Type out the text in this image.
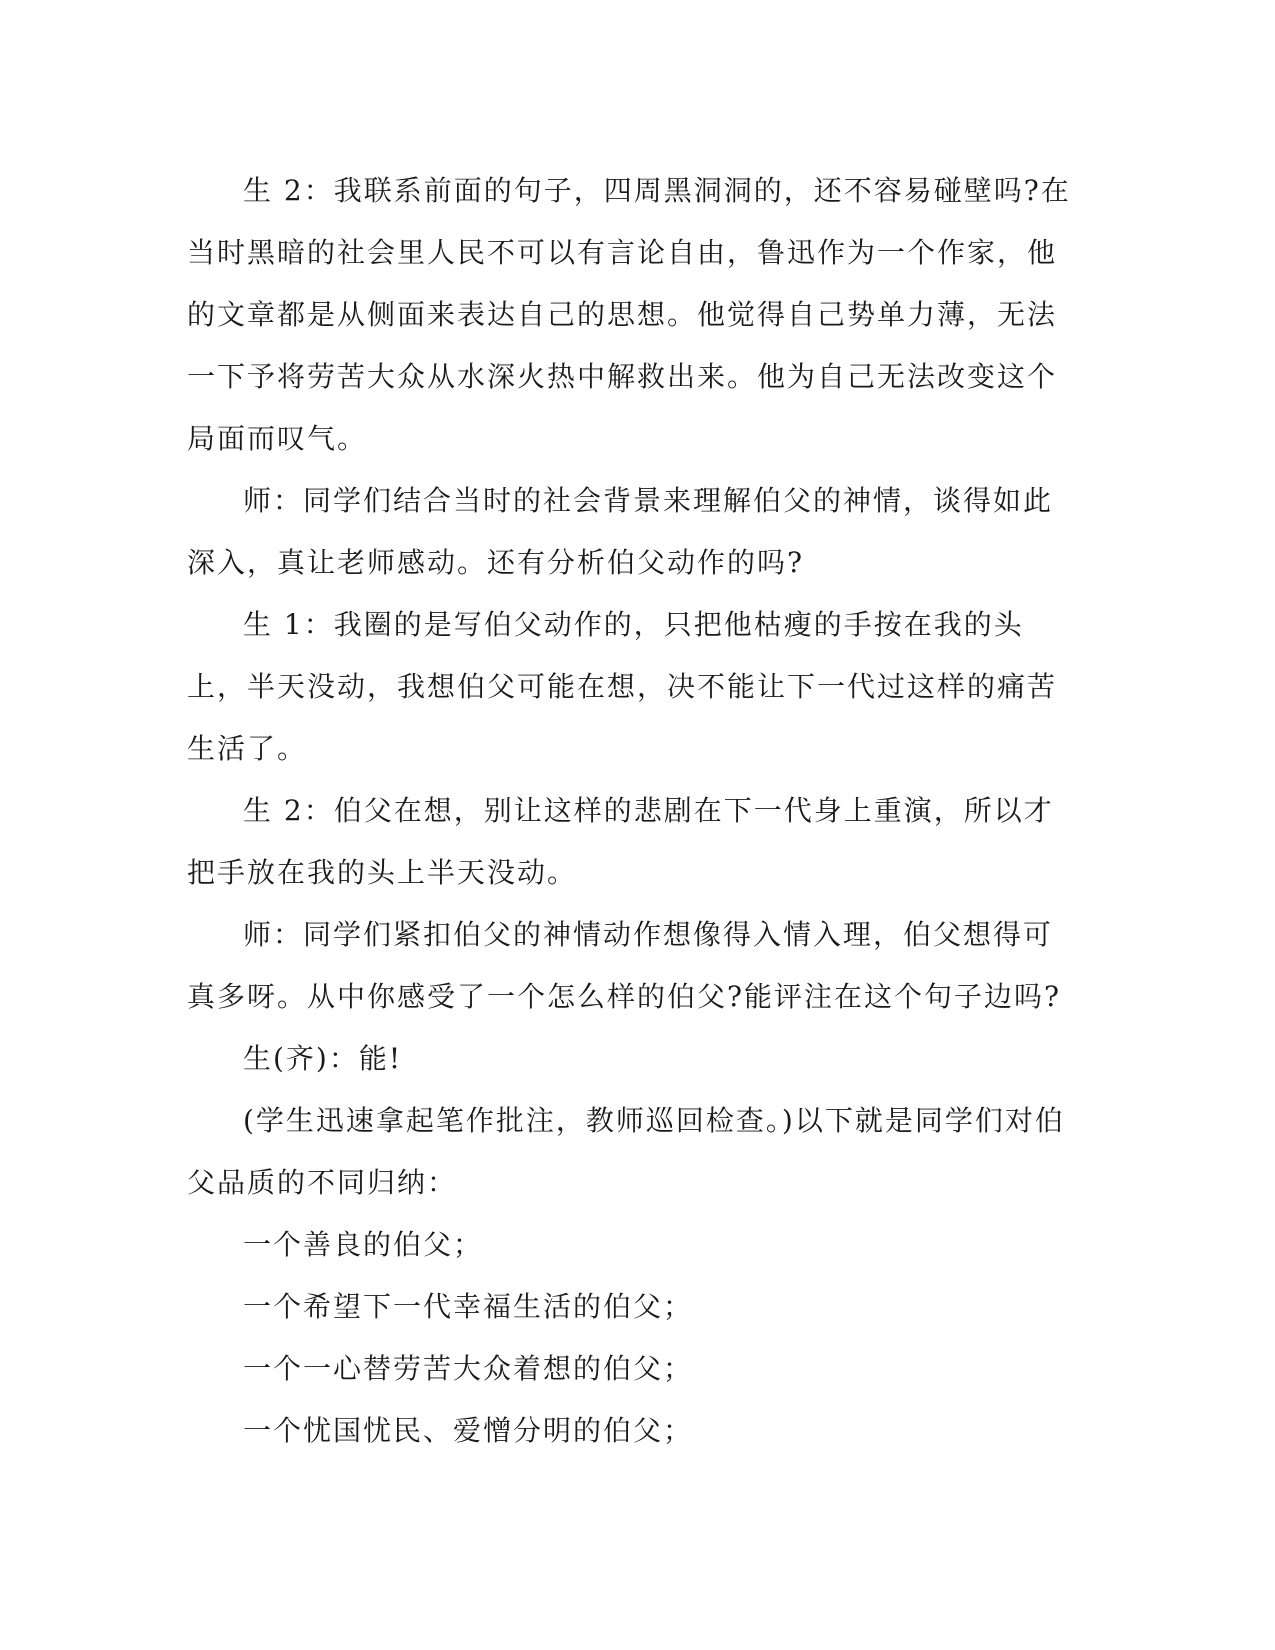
生 2：我联系前面的句子，四周黑洞洞的，还不容易碰壁吗?在当时黑暗的社会里人民不可以有言论自由，鲁迅作为一个作家，他的文章都是从侧面来表达自己的思想。他觉得自己势单力薄，无法一下予将劳苦大众从水深火热中解救出来。他为自己无法改变这个局面而叹气。

师：同学们结合当时的社会背景来理解伯父的神情，谈得如此深入，真让老师感动。还有分析伯父动作的吗?

生 1：我圈的是写伯父动作的，只把他枯瘦的手按在我的头上，半天没动，我想伯父可能在想，决不能让下一代过这样的痛苦生活了。

生 2：伯父在想，别让这样的悲剧在下一代身上重演，所以才把手放在我的头上半天没动。

师：同学们紧扣伯父的神情动作想像得入情入理，伯父想得可真多呀。从中你感受了一个怎么样的伯父?能评注在这个句子边吗?

生(齐)：能!

(学生迅速拿起笔作批注，教师巡回检查。)以下就是同学们对伯父品质的不同归纳：

一个善良的伯父；

一个希望下一代幸福生活的伯父；

一个一心替劳苦大众着想的伯父；

一个忧国忧民、爱憎分明的伯父；
